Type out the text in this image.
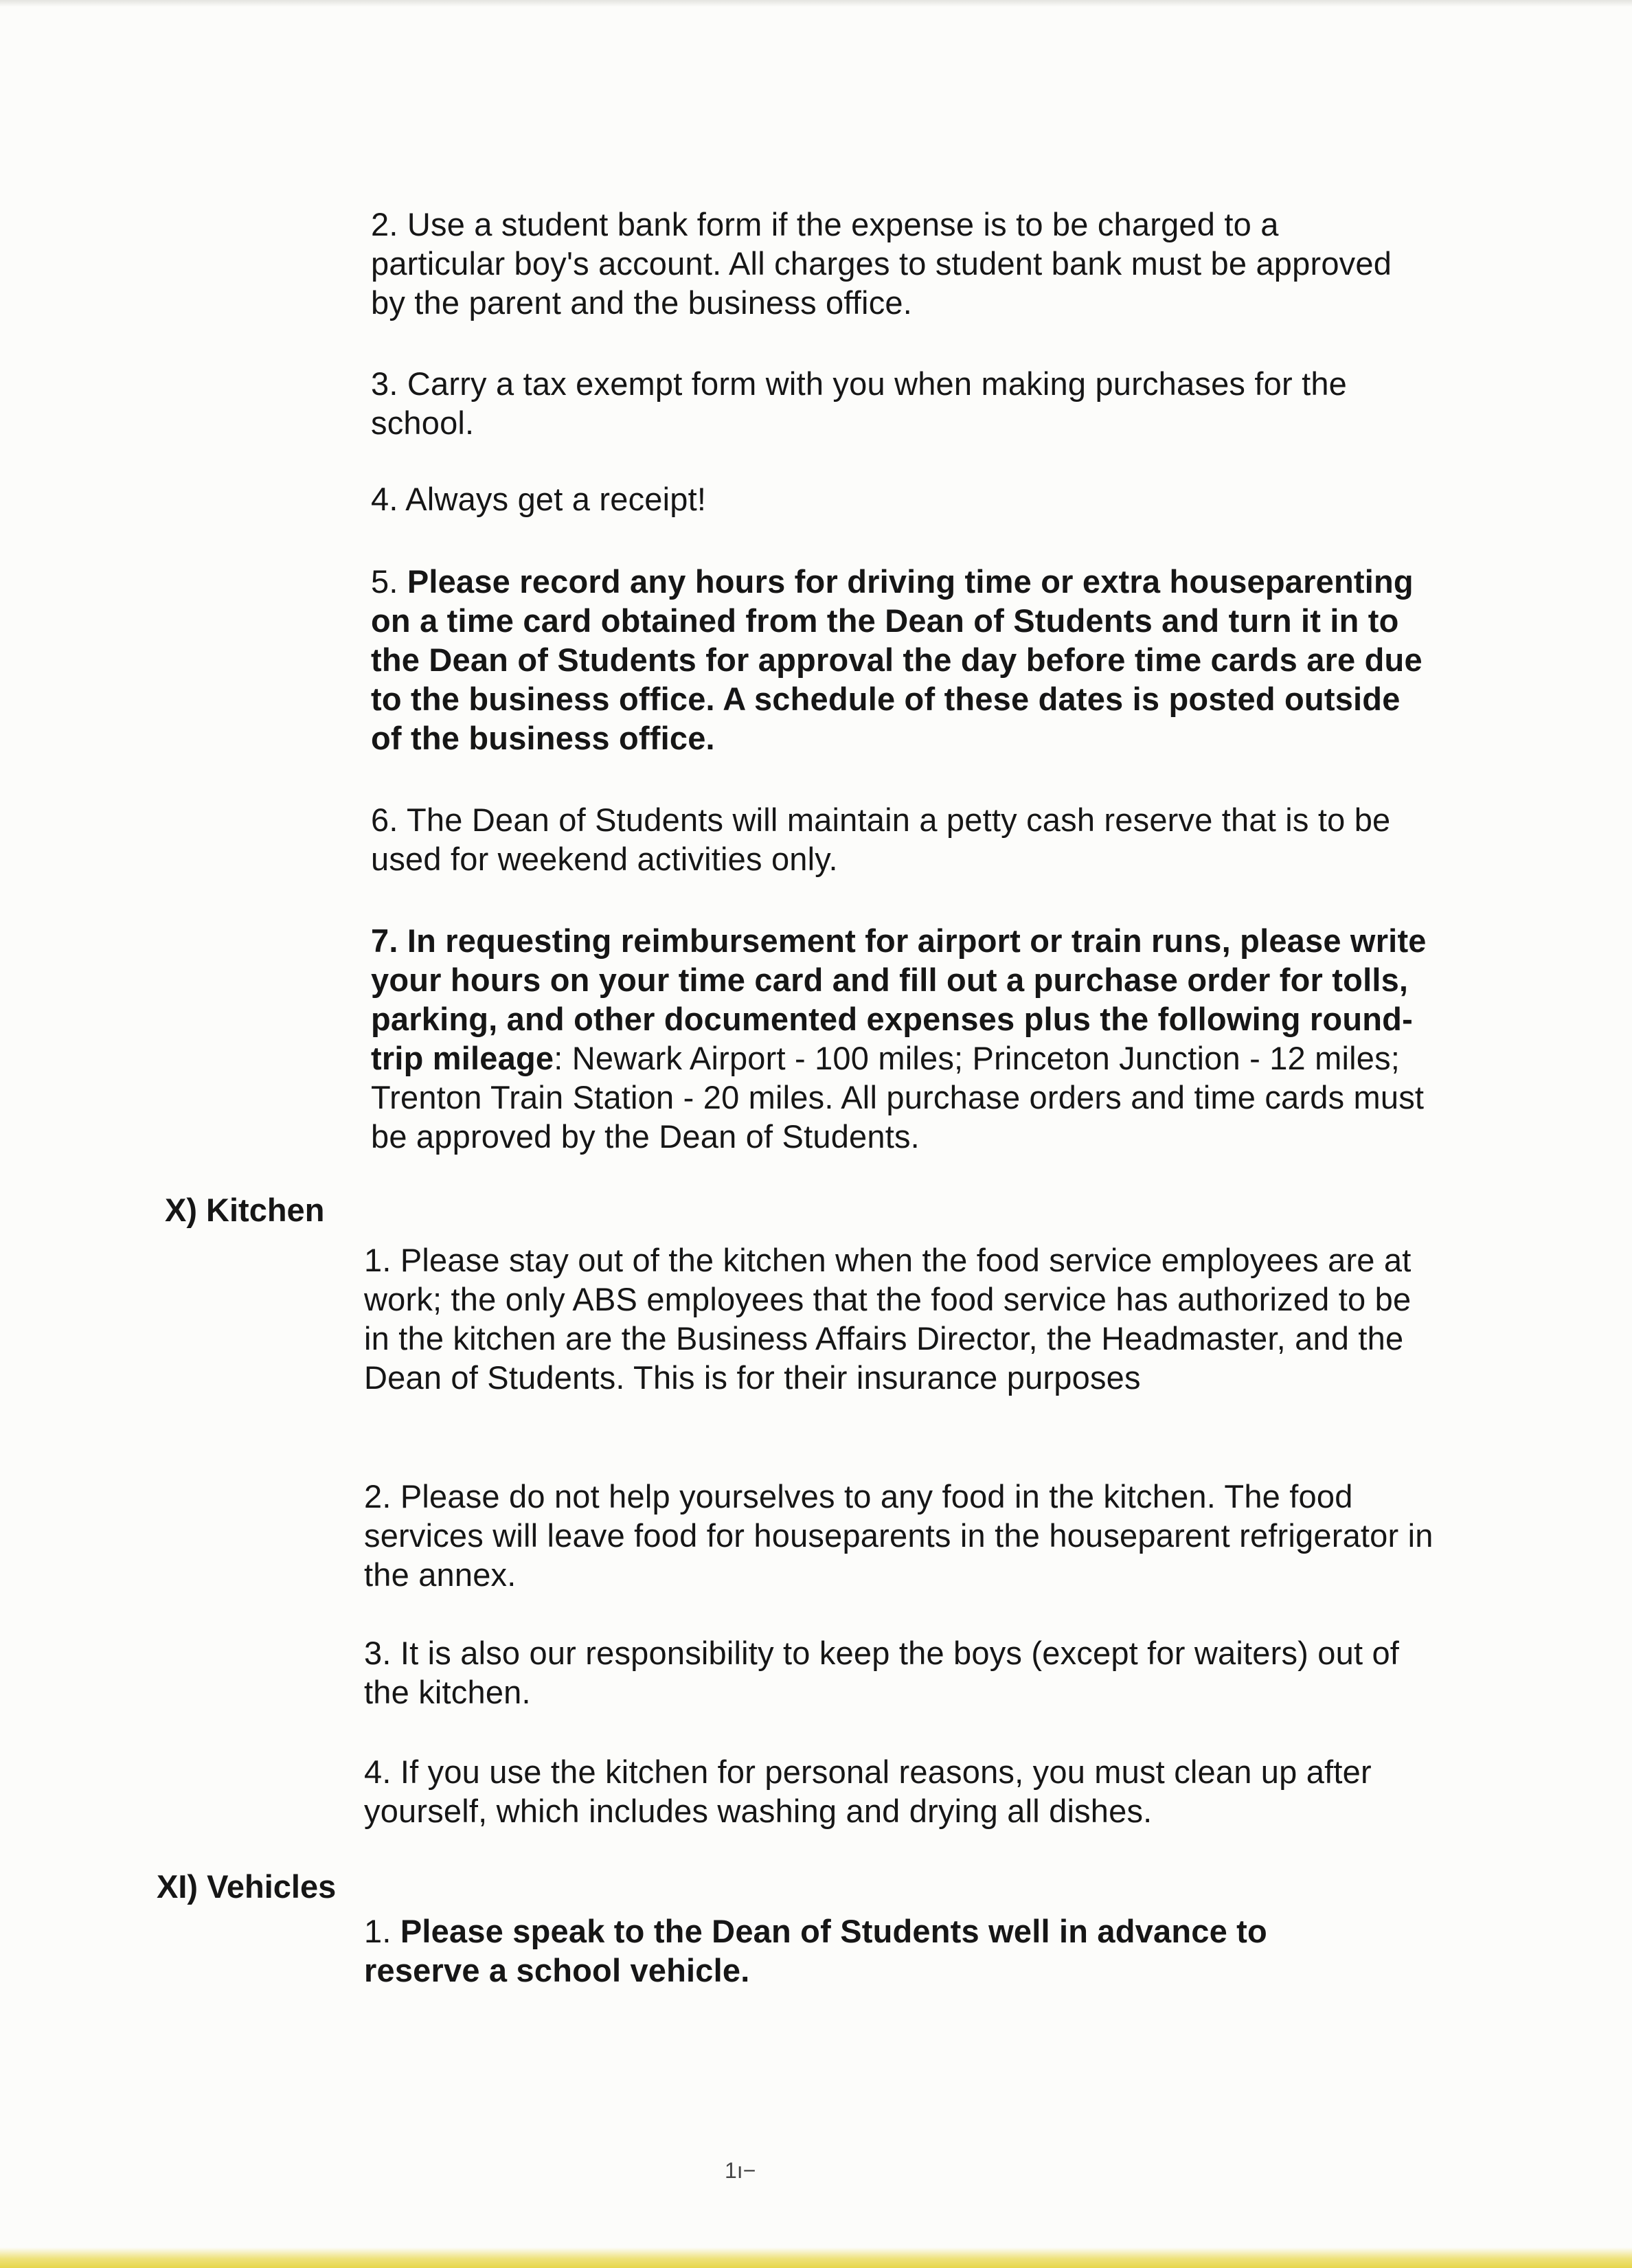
2. Use a student bank form if the expense is to be charged to a particular boy's account. All charges to student bank must be approved by the parent and the business office.

3. Carry a tax exempt form with you when making purchases for the school.

4. Always get a receipt!

5. Please record any hours for driving time or extra houseparenting on a time card obtained from the Dean of Students and turn it in to the Dean of Students for approval the day before time cards are due to the business office. A schedule of these dates is posted outside of the business office.

6. The Dean of Students will maintain a petty cash reserve that is to be used for weekend activities only.

7. In requesting reimbursement for airport or train runs, please write your hours on your time card and fill out a purchase order for tolls, parking, and other documented expenses plus the following round-trip mileage: Newark Airport - 100 miles; Princeton Junction - 12 miles; Trenton Train Station - 20 miles. All purchase orders and time cards must be approved by the Dean of Students.

X) Kitchen

1. Please stay out of the kitchen when the food service employees are at work; the only ABS employees that the food service has authorized to be in the kitchen are the Business Affairs Director, the Headmaster, and the Dean of Students. This is for their insurance purposes

2. Please do not help yourselves to any food in the kitchen. The food services will leave food for houseparents in the houseparent refrigerator in the annex.

3. It is also our responsibility to keep the boys (except for waiters) out of the kitchen.

4. If you use the kitchen for personal reasons, you must clean up after yourself, which includes washing and drying all dishes.

XI) Vehicles

1. Please speak to the Dean of Students well in advance to reserve a school vehicle.

1ı−
